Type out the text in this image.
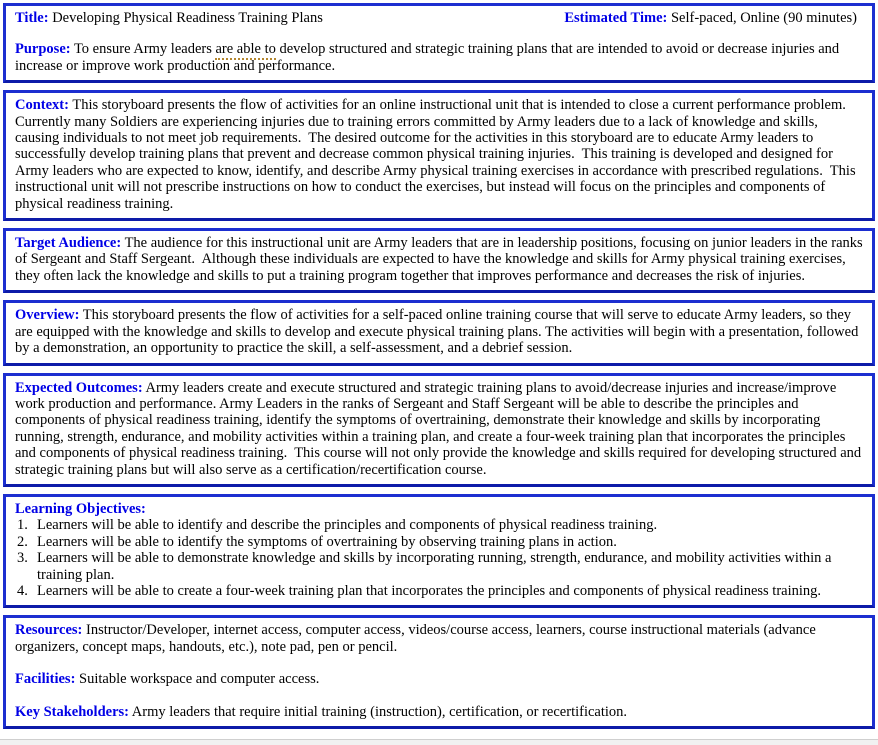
Title: Developing Physical Readiness Training Plans	Estimated Time: Self-paced, Online (90 minutes)

Purpose: To ensure Army leaders are able to develop structured and strategic training plans that are intended to avoid or decrease injuries and increase or improve work production and performance.

Context: This storyboard presents the flow of activities for an online instructional unit that is intended to close a current performance problem.  Currently many Soldiers are experiencing injuries due to training errors committed by Army leaders due to a lack of knowledge and skills, causing individuals to not meet job requirements.  The desired outcome for the activities in this storyboard are to educate Army leaders to successfully develop training plans that prevent and decrease common physical training injuries.  This training is developed and designed for Army leaders who are expected to know, identify, and describe Army physical training exercises in accordance with prescribed regulations.  This instructional unit will not prescribe instructions on how to conduct the exercises, but instead will focus on the principles and components of physical readiness training.

Target Audience: The audience for this instructional unit are Army leaders that are in leadership positions, focusing on junior leaders in the ranks of Sergeant and Staff Sergeant.  Although these individuals are expected to have the knowledge and skills for Army physical training exercises, they often lack the knowledge and skills to put a training program together that improves performance and decreases the risk of injuries.

Overview: This storyboard presents the flow of activities for a self-paced online training course that will serve to educate Army leaders, so they are equipped with the knowledge and skills to develop and execute physical training plans. The activities will begin with a presentation, followed by a demonstration, an opportunity to practice the skill, a self-assessment, and a debrief session.

Expected Outcomes: Army leaders create and execute structured and strategic training plans to avoid/decrease injuries and increase/improve work production and performance. Army Leaders in the ranks of Sergeant and Staff Sergeant will be able to describe the principles and components of physical readiness training, identify the symptoms of overtraining, demonstrate their knowledge and skills by incorporating running, strength, endurance, and mobility activities within a training plan, and create a four-week training plan that incorporates the principles and components of physical readiness training.  This course will not only provide the knowledge and skills required for developing structured and strategic training plans but will also serve as a certification/recertification course.

Learning Objectives:

1. Learners will be able to identify and describe the principles and components of physical readiness training.
2. Learners will be able to identify the symptoms of overtraining by observing training plans in action.
3. Learners will be able to demonstrate knowledge and skills by incorporating running, strength, endurance, and mobility activities within a training plan.
4. Learners will be able to create a four-week training plan that incorporates the principles and components of physical readiness training.

Resources: Instructor/Developer, internet access, computer access, videos/course access, learners, course instructional materials (advance organizers, concept maps, handouts, etc.), note pad, pen or pencil.

Facilities: Suitable workspace and computer access.

Key Stakeholders: Army leaders that require initial training (instruction), certification, or recertification.
